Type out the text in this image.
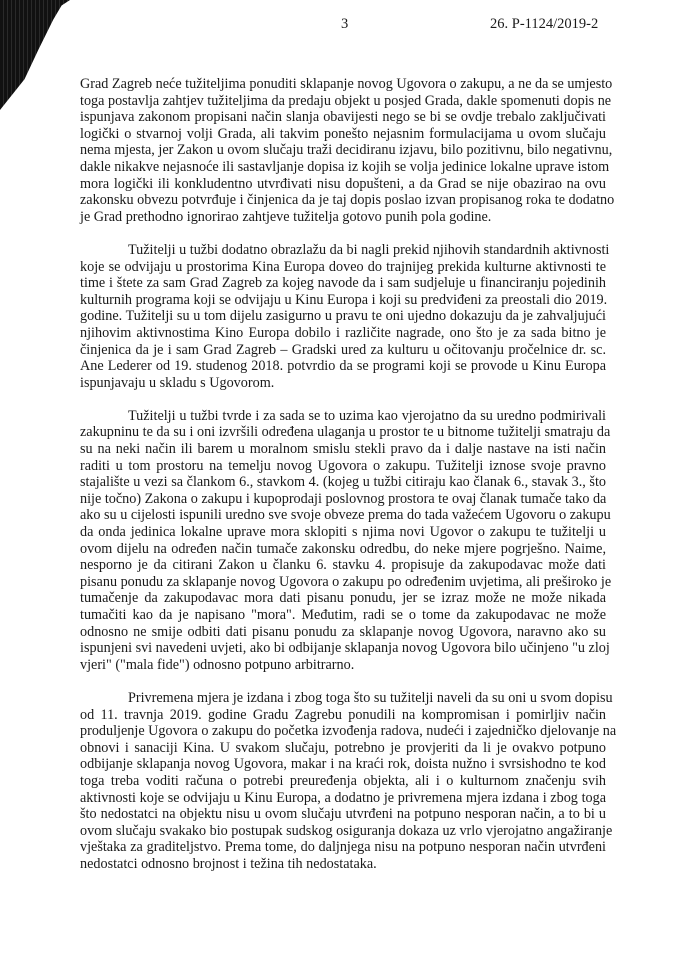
3	26. P-1124/2019-2

Grad Zagreb neće tužiteljima ponuditi sklapanje novog Ugovora o zakupu, a ne da se umjesto
toga postavlja zahtjev tužiteljima da predaju objekt u posjed Grada, dakle spomenuti dopis ne
ispunjava zakonom propisani način slanja obavijesti nego se bi se ovdje trebalo zaključivati
logički o stvarnoj volji Grada, ali takvim ponešto nejasnim formulacijama u ovom slučaju
nema mjesta, jer Zakon u ovom slučaju traži decidiranu izjavu, bilo pozitivnu, bilo negativnu,
dakle nikakve nejasnoće ili sastavljanje dopisa iz kojih se volja jedinice lokalne uprave istom
mora logički ili konkludentno utvrđivati nisu dopušteni, a da Grad se nije obazirao na ovu
zakonsku obvezu potvrđuje i činjenica da je taj dopis poslao izvan propisanog roka te dodatno
je Grad prethodno ignorirao zahtjeve tužitelja gotovo punih pola godine.

Tužitelji u tužbi dodatno obrazlažu da bi nagli prekid njihovih standardnih aktivnosti
koje se odvijaju u prostorima Kina Europa doveo do trajnijeg prekida kulturne aktivnosti te
time i štete za sam Grad Zagreb za kojeg navode da i sam sudjeluje u financiranju pojedinih
kulturnih programa koji se odvijaju u Kinu Europa i koji su predviđeni za preostali dio 2019.
godine. Tužitelji su u tom dijelu zasigurno u pravu te oni ujedno dokazuju da je zahvaljujući
njihovim aktivnostima Kino Europa dobilo i različite nagrade, ono što je za sada bitno je
činjenica da je i sam Grad Zagreb – Gradski ured za kulturu u očitovanju pročelnice dr. sc.
Ane Lederer od 19. studenog 2018. potvrdio da se programi koji se provode u Kinu Europa
ispunjavaju u skladu s Ugovorom.

Tužitelji u tužbi tvrde i za sada se to uzima kao vjerojatno da su uredno podmirivali
zakupninu te da su i oni izvršili određena ulaganja u prostor te u bitnome tužitelji smatraju da
su na neki način ili barem u moralnom smislu stekli pravo da i dalje nastave na isti način
raditi u tom prostoru na temelju novog Ugovora o zakupu. Tužitelji iznose svoje pravno
stajalište u vezi sa člankom 6., stavkom 4. (kojeg u tužbi citiraju kao članak 6., stavak 3., što
nije točno) Zakona o zakupu i kupoprodaji poslovnog prostora te ovaj članak tumače tako da
ako su u cijelosti ispunili uredno sve svoje obveze prema do tada važećem Ugovoru o zakupu
da onda jedinica lokalne uprave mora sklopiti s njima novi Ugovor o zakupu te tužitelji u
ovom dijelu na određen način tumače zakonsku odredbu, do neke mjere pogrješno. Naime,
nesporno je da citirani Zakon u članku 6. stavku 4. propisuje da zakupodavac može dati
pisanu ponudu za sklapanje novog Ugovora o zakupu po određenim uvjetima, ali preširoko je
tumačenje da zakupodavac mora dati pisanu ponudu, jer se izraz može ne može nikada
tumačiti kao da je napisano "mora". Međutim, radi se o tome da zakupodavac ne može
odnosno ne smije odbiti dati pisanu ponudu za sklapanje novog Ugovora, naravno ako su
ispunjeni svi navedeni uvjeti, ako bi odbijanje sklapanja novog Ugovora bilo učinjeno "u zloj
vjeri" ("mala fide") odnosno potpuno arbitrarno.

Privremena mjera je izdana i zbog toga što su tužitelji naveli da su oni u svom dopisu
od 11. travnja 2019. godine Gradu Zagrebu ponudili na kompromisan i pomirljiv način
produljenje Ugovora o zakupu do početka izvođenja radova, nudeći i zajedničko djelovanje na
obnovi i sanaciji Kina. U svakom slučaju, potrebno je provjeriti da li je ovakvo potpuno
odbijanje sklapanja novog Ugovora, makar i na kraći rok, doista nužno i svrsishodno te kod
toga treba voditi računa o potrebi preuređenja objekta, ali i o kulturnom značenju svih
aktivnosti koje se odvijaju u Kinu Europa, a dodatno je privremena mjera izdana i zbog toga
što nedostatci na objektu nisu u ovom slučaju utvrđeni na potpuno nesporan način, a to bi u
ovom slučaju svakako bio postupak sudskog osiguranja dokaza uz vrlo vjerojatno angažiranje
vještaka za graditeljstvo. Prema tome, do daljnjega nisu na potpuno nesporan način utvrđeni
nedostatci odnosno brojnost i težina tih nedostataka.
